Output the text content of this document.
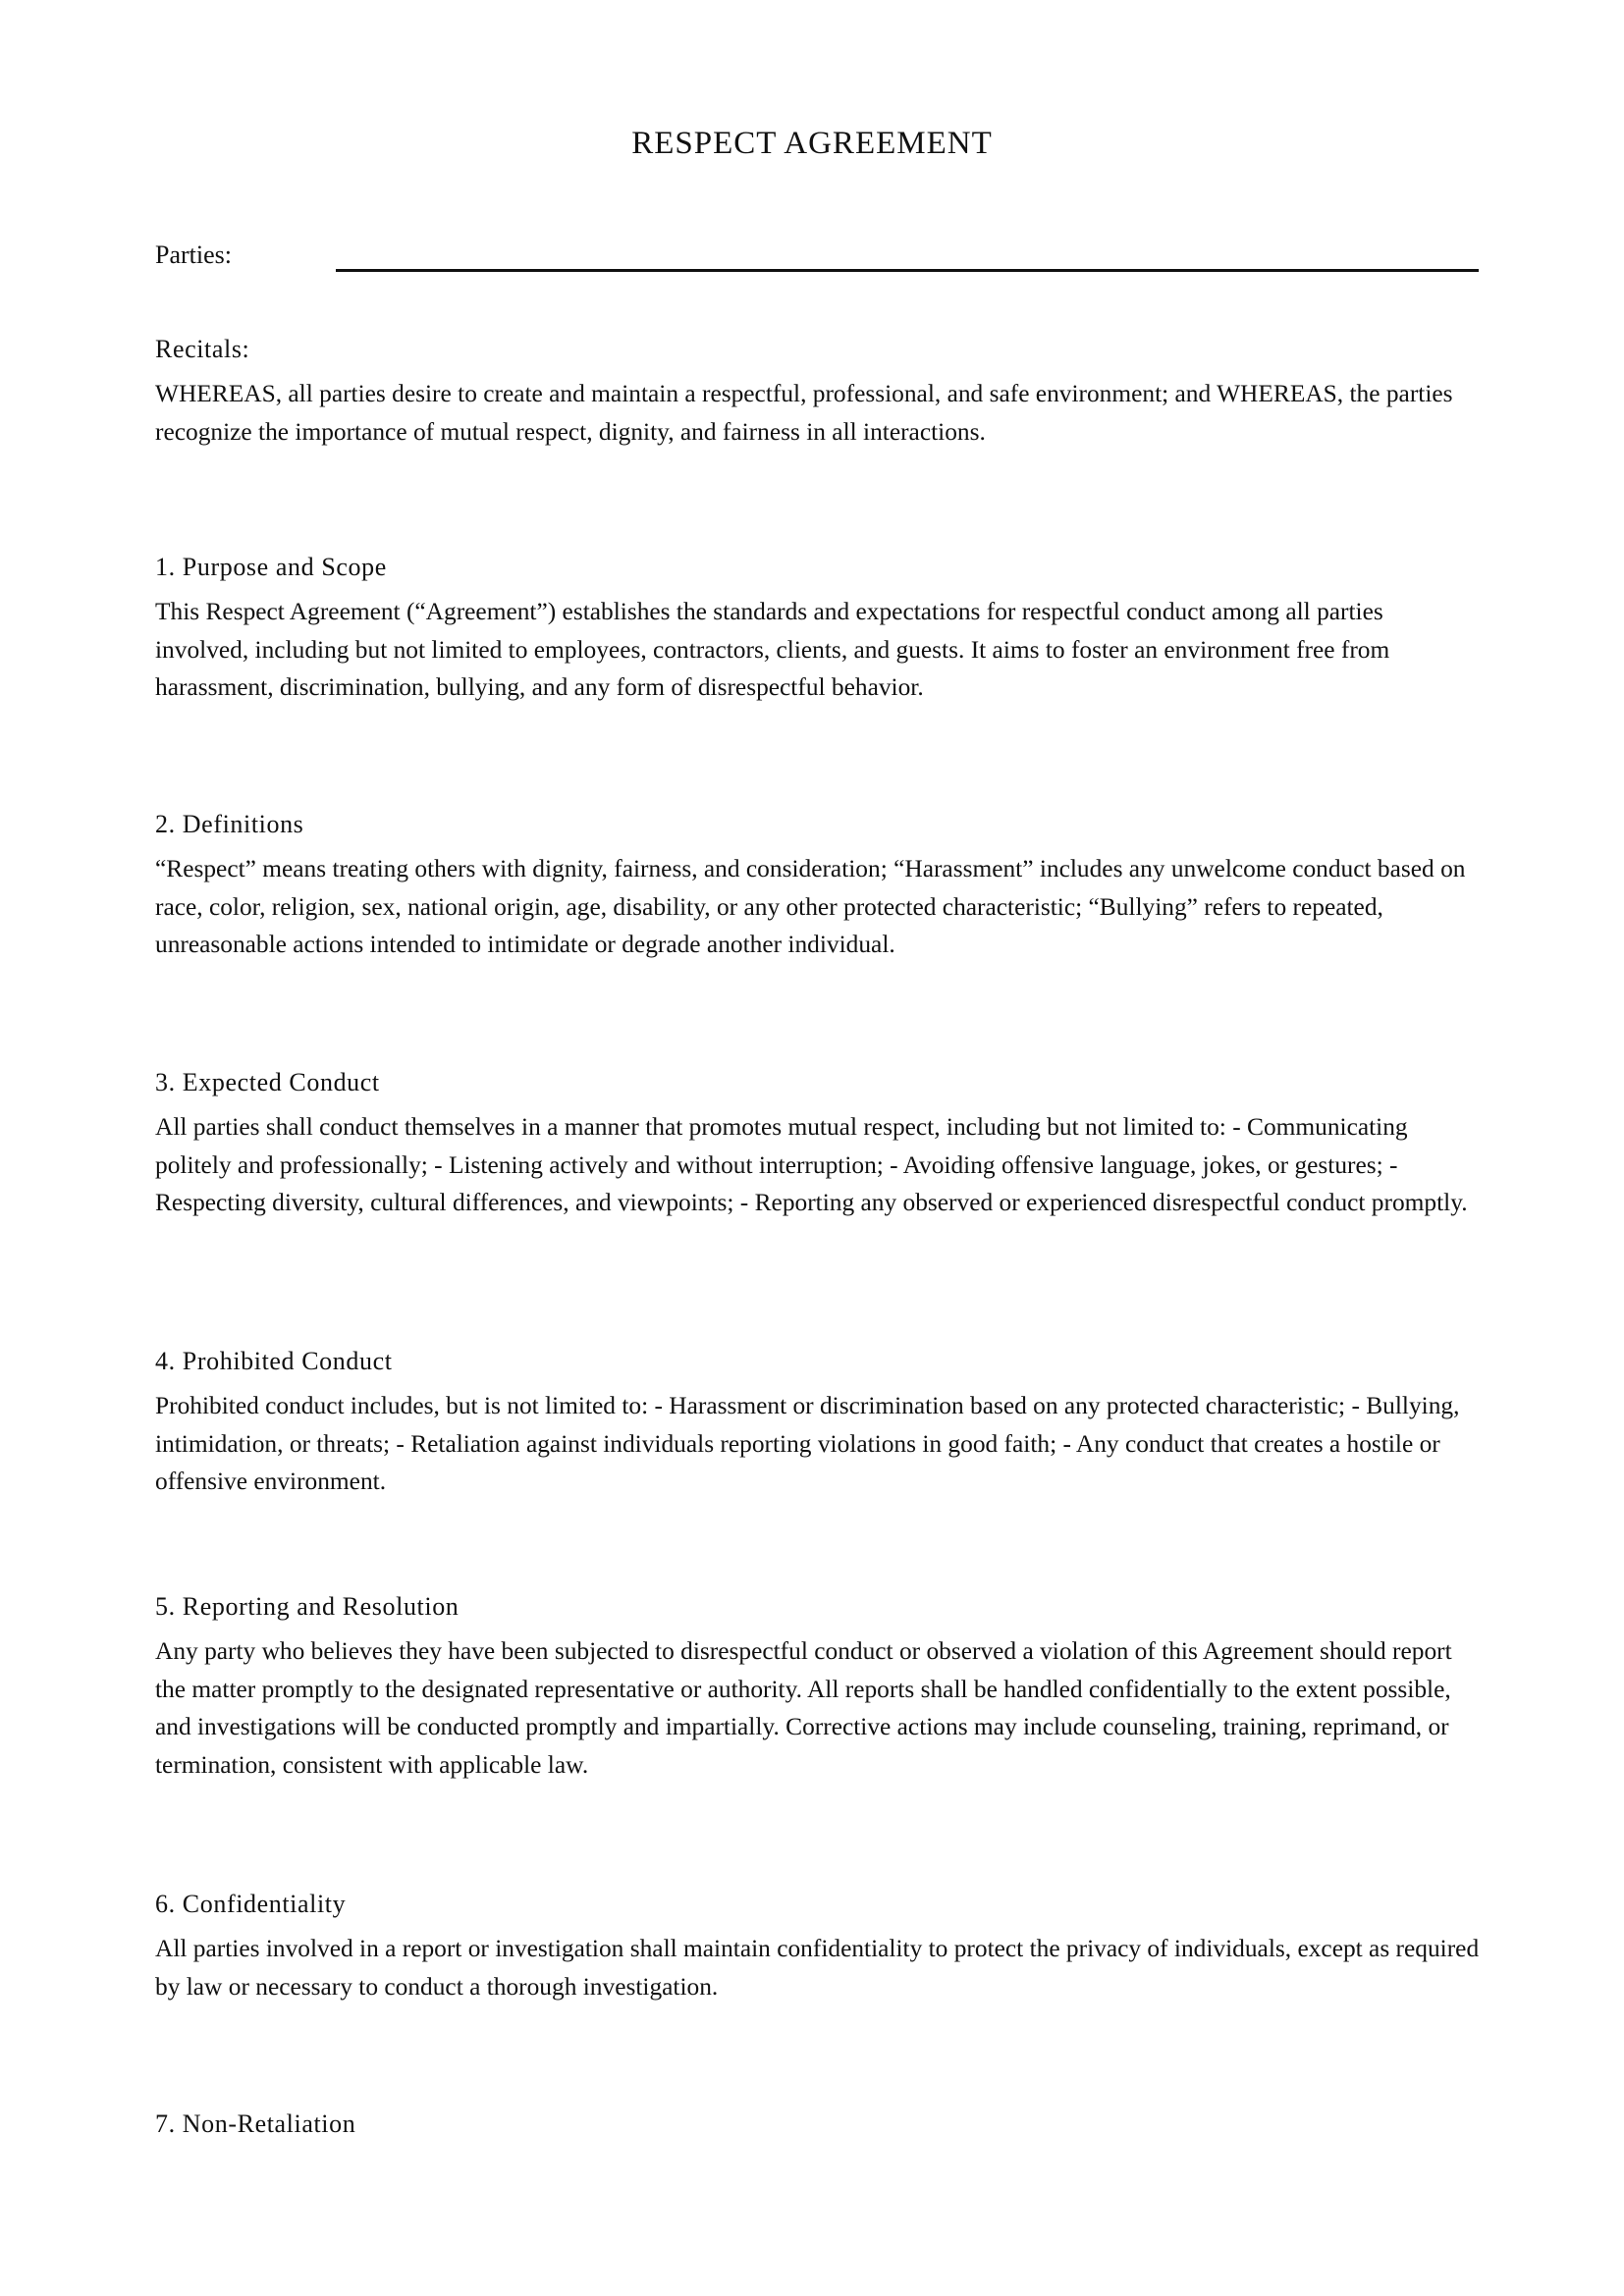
RESPECT AGREEMENT
Parties:
Recitals:

WHEREAS, all parties desire to create and maintain a respectful, professional, and safe environment; and WHEREAS, the parties recognize the importance of mutual respect, dignity, and fairness in all interactions.

1. Purpose and Scope

This Respect Agreement (“Agreement”) establishes the standards and expectations for respectful conduct among all parties involved, including but not limited to employees, contractors, clients, and guests. It aims to foster an environment free from harassment, discrimination, bullying, and any form of disrespectful behavior.

2. Definitions

“Respect” means treating others with dignity, fairness, and consideration; “Harassment” includes any unwelcome conduct based on race, color, religion, sex, national origin, age, disability, or any other protected characteristic; “Bullying” refers to repeated, unreasonable actions intended to intimidate or degrade another individual.

3. Expected Conduct

All parties shall conduct themselves in a manner that promotes mutual respect, including but not limited to: - Communicating politely and professionally; - Listening actively and without interruption; - Avoiding offensive language, jokes, or gestures; - Respecting diversity, cultural differences, and viewpoints; - Reporting any observed or experienced disrespectful conduct promptly.

4. Prohibited Conduct

Prohibited conduct includes, but is not limited to: - Harassment or discrimination based on any protected characteristic; - Bullying, intimidation, or threats; - Retaliation against individuals reporting violations in good faith; - Any conduct that creates a hostile or offensive environment.

5. Reporting and Resolution

Any party who believes they have been subjected to disrespectful conduct or observed a violation of this Agreement should report the matter promptly to the designated representative or authority. All reports shall be handled confidentially to the extent possible, and investigations will be conducted promptly and impartially. Corrective actions may include counseling, training, reprimand, or termination, consistent with applicable law.

6. Confidentiality

All parties involved in a report or investigation shall maintain confidentiality to protect the privacy of individuals, except as required by law or necessary to conduct a thorough investigation.

7. Non-Retaliation
